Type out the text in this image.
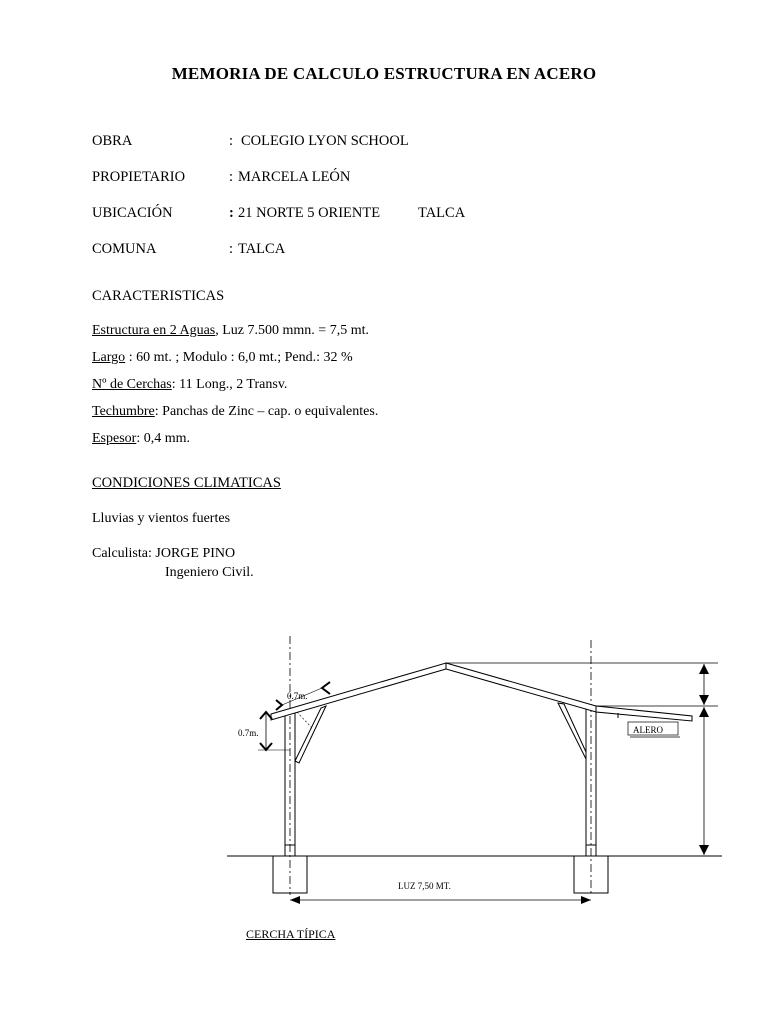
MEMORIA DE CALCULO ESTRUCTURA EN ACERO
OBRA	: COLEGIO LYON SCHOOL
PROPIETARIO	: MARCELA LEÓN
UBICACIÓN	: 21 NORTE 5 ORIENTE	TALCA
COMUNA	: TALCA
CARACTERISTICAS
Estructura en 2 Aguas, Luz 7.500 mmn. = 7,5 mt.
Largo : 60 mt. ; Modulo : 6,0 mt.; Pend.: 32 %
Nº de Cerchas: 11 Long., 2 Transv.
Techumbre: Panchas de Zinc – cap. o equivalentes.
Espesor: 0,4 mm.
CONDICIONES CLIMATICAS
Lluvias y vientos fuertes
Calculista: JORGE PINO
Ingeniero Civil.
0.7m.
0.7m.	ALERO
LUZ 7,50 MT.
CERCHA TÍPICA
